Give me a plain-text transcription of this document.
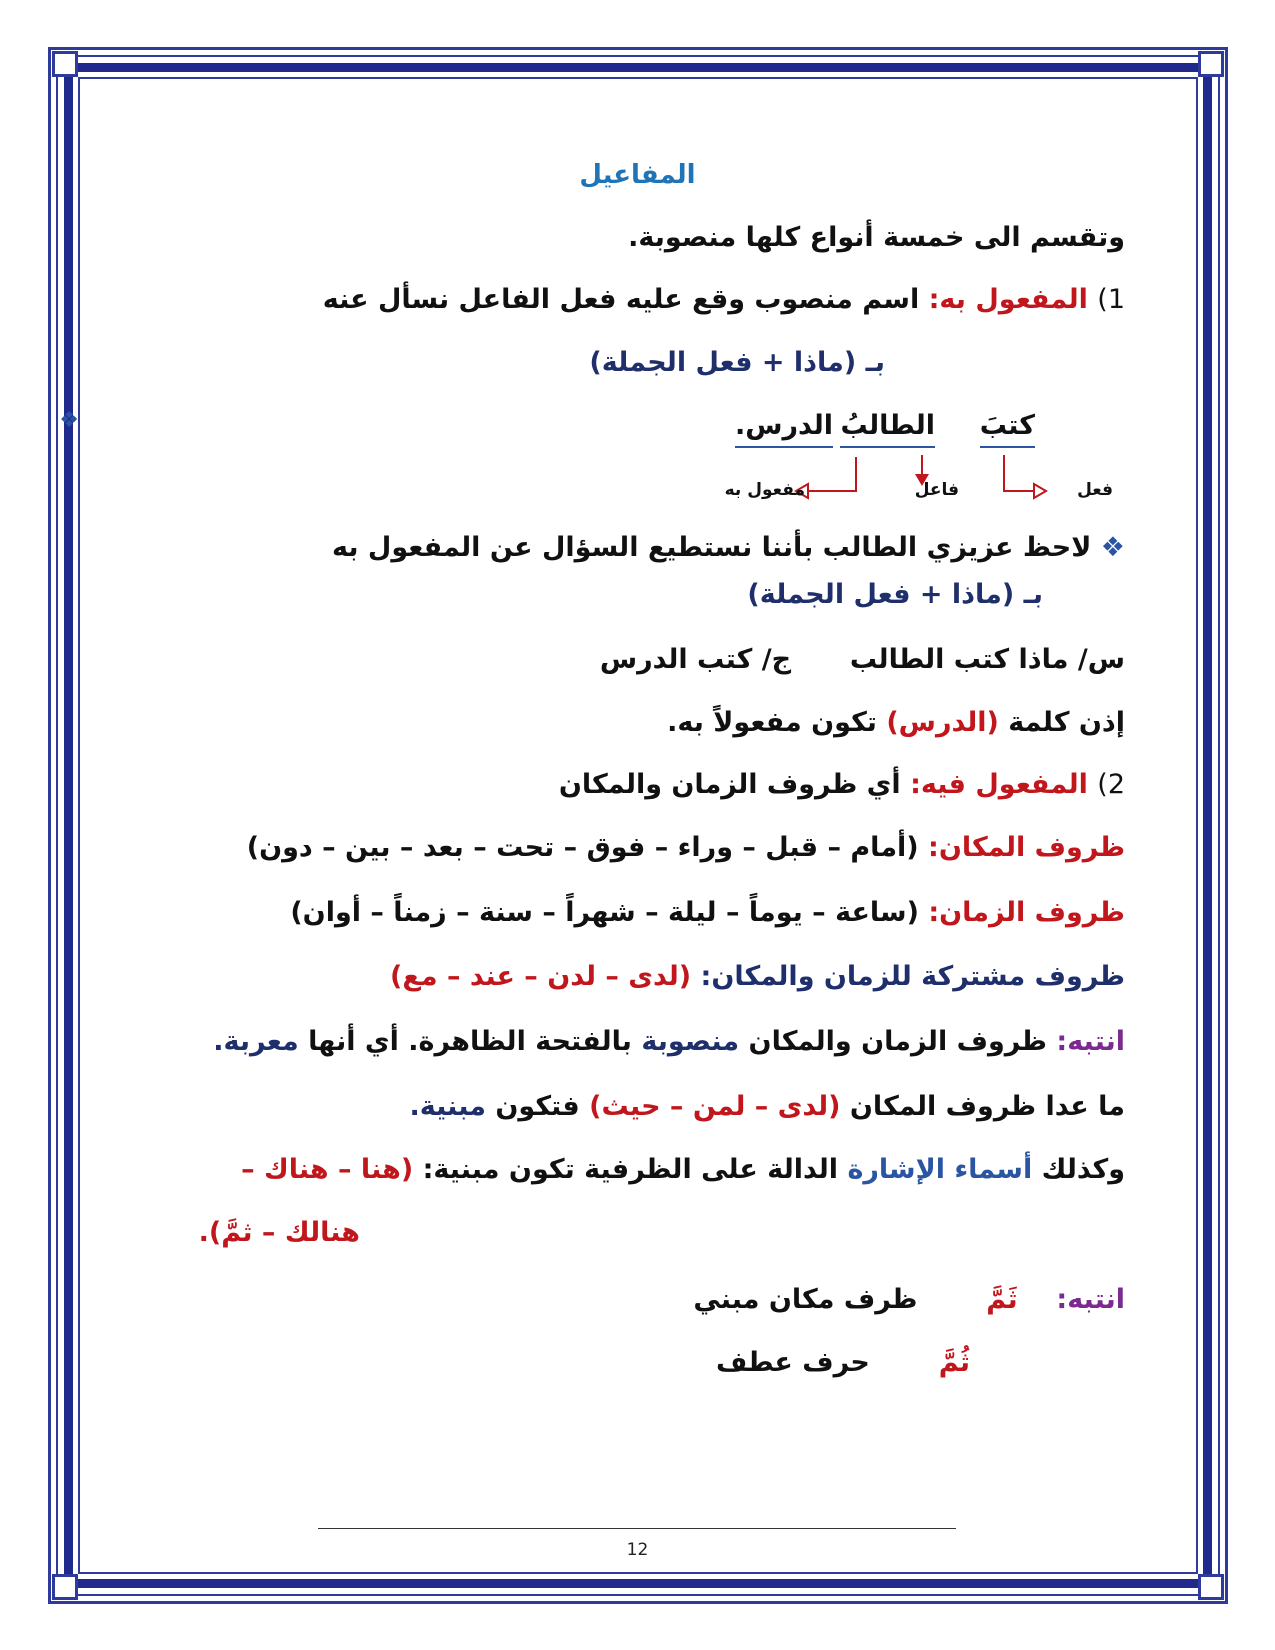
المفاعيل
وتقسم الى خمسة أنواع كلها منصوبة.
1) المفعول به: اسم منصوب وقع عليه فعل الفاعل نسأل عنه
بـ (ماذا + فعل الجملة)
❖	كتبَ
الطالبُ
الدرس.
فعل
فاعل
مفعول به
❖ لاحظ عزيزي الطالب بأننا نستطيع السؤال عن المفعول به
بـ (ماذا + فعل الجملة)
س/ ماذا كتب الطالب  ج/ كتب الدرس
إذن كلمة (الدرس) تكون مفعولاً به.
2) المفعول فيه: أي ظروف الزمان والمكان
ظروف المكان: (أمام – قبل – وراء – فوق – تحت – بعد – بين – دون)
ظروف الزمان: (ساعة – يوماً – ليلة – شهراً – سنة – زمناً – أوان)
ظروف مشتركة للزمان والمكان: (لدى – لدن – عند – مع)
انتبه: ظروف الزمان والمكان منصوبة بالفتحة الظاهرة. أي أنها معربة.
ما عدا ظروف المكان (لدى – لمن – حيث) فتكون مبنية.
وكذلك أسماء الإشارة الدالة على الظرفية تكون مبنية: (هنا – هناك –
هنالك – ثمَّ).
انتبه:  ثَمَّ  ظرف مكان مبني
ثُمَّ  حرف عطف
12
